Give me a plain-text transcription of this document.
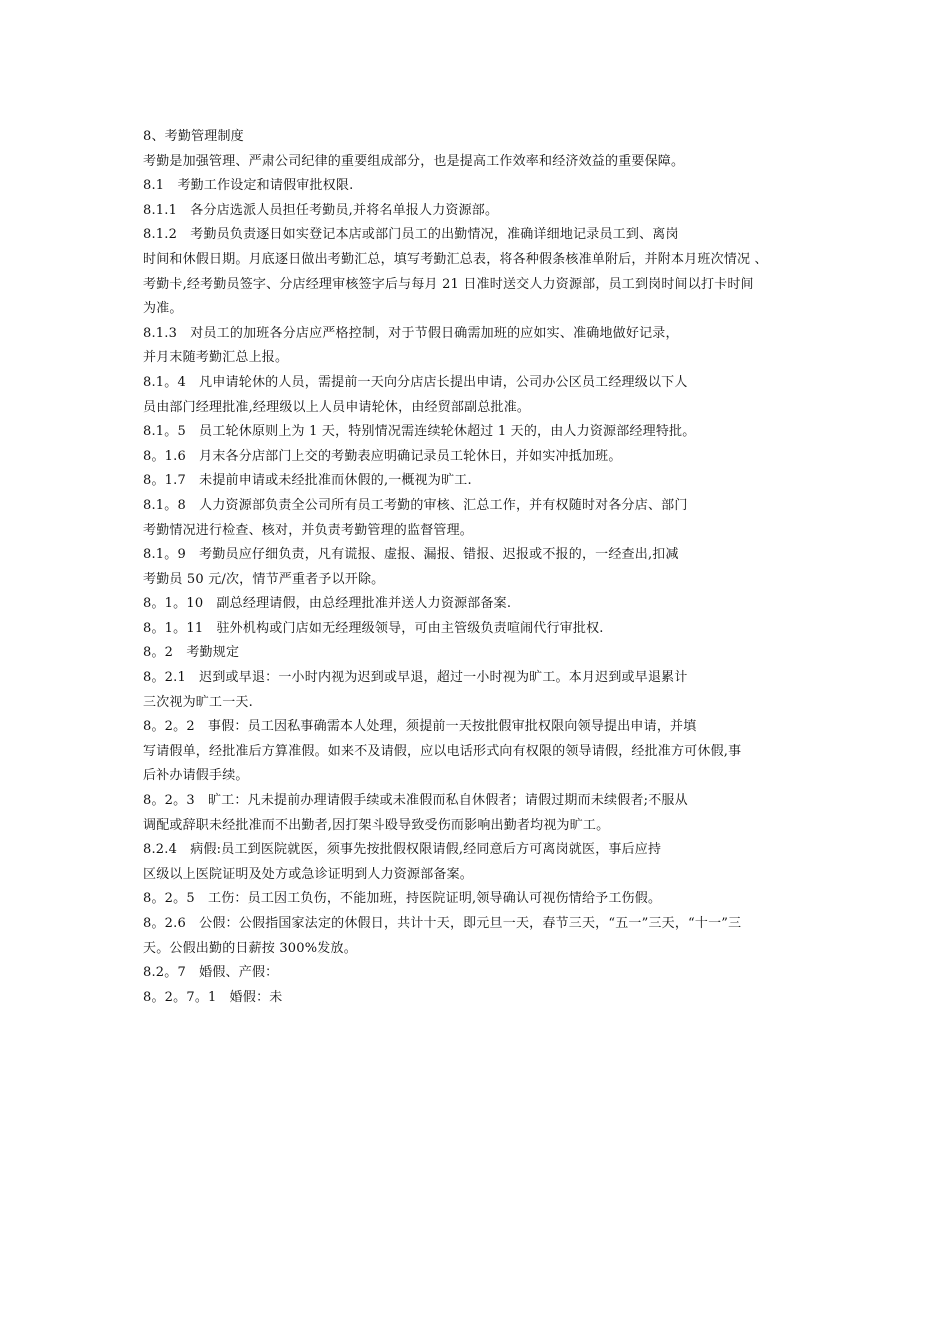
8、考勤管理制度
考勤是加强管理、严肃公司纪律的重要组成部分，也是提高工作效率和经济效益的重要保障。
8.1　考勤工作设定和请假审批权限.
8.1.1　各分店选派人员担任考勤员,并将名单报人力资源部。
8.1.2　考勤员负责逐日如实登记本店或部门员工的出勤情况，准确详细地记录员工到、离岗
时间和休假日期。月底逐日做出考勤汇总，填写考勤汇总表，将各种假条核准单附后，并附本月班次情况 、
考勤卡,经考勤员签字、分店经理审核签字后与每月 21 日准时送交人力资源部，员工到岗时间以打卡时间
为准。
8.1.3　对员工的加班各分店应严格控制，对于节假日确需加班的应如实、准确地做好记录，
并月末随考勤汇总上报。
8.1。4　凡申请轮休的人员，需提前一天向分店店长提出申请，公司办公区员工经理级以下人
员由部门经理批准,经理级以上人员申请轮休，由经贸部副总批准。
8.1。5　员工轮休原则上为 1 天，特别情况需连续轮休超过 1 天的，由人力资源部经理特批。
8。1.6　月末各分店部门上交的考勤表应明确记录员工轮休日，并如实冲抵加班。
8。1.7　未提前申请或未经批准而休假的,一概视为旷工.
8.1。8　人力资源部负责全公司所有员工考勤的审核、汇总工作，并有权随时对各分店、部门
考勤情况进行检查、核对，并负责考勤管理的监督管理。
8.1。9　考勤员应仔细负责，凡有谎报、虚报、漏报、错报、迟报或不报的，一经查出,扣减
考勤员 50 元/次，情节严重者予以开除。
8。1。10　副总经理请假，由总经理批准并送人力资源部备案.
8。1。11　驻外机构或门店如无经理级领导，可由主管级负责喧闹代行审批权.
8。2　考勤规定
8。2.1　迟到或早退：一小时内视为迟到或早退，超过一小时视为旷工。本月迟到或早退累计
三次视为旷工一天.
8。2。2　事假：员工因私事确需本人处理，须提前一天按批假审批权限向领导提出申请，并填
写请假单，经批准后方算准假。如来不及请假，应以电话形式向有权限的领导请假，经批准方可休假,事
后补办请假手续。
8。2。3　旷工：凡未提前办理请假手续或未准假而私自休假者；请假过期而未续假者;不服从
调配或辞职未经批准而不出勤者,因打架斗殴导致受伤而影响出勤者均视为旷工。
8.2.4　病假:员工到医院就医，须事先按批假权限请假,经同意后方可离岗就医，事后应持
区级以上医院证明及处方或急诊证明到人力资源部备案。
8。2。5　工伤：员工因工负伤，不能加班，持医院证明,领导确认可视伤情给予工伤假。
8。2.6　公假：公假指国家法定的休假日，共计十天，即元旦一天，春节三天，“五一”三天，“十一”三
天。公假出勤的日薪按 300%发放。
8.2。7　婚假、产假：
8。2。7。1　婚假：未
